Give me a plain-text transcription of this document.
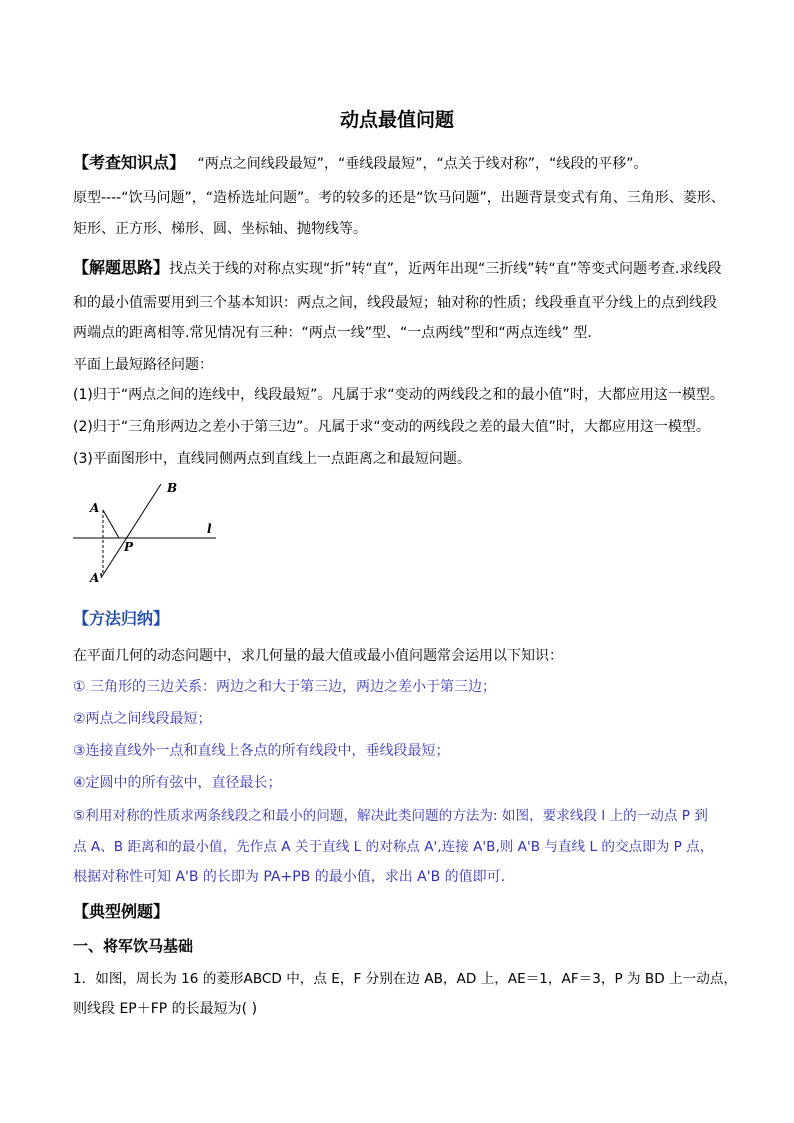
动点最值问题
【考查知识点】 “两点之间线段最短”，“垂线段最短”，“点关于线对称”，“线段的平移”。
原型----“饮马问题”，“造桥选址问题”。考的较多的还是“饮马问题”，出题背景变式有角、三角形、菱形、
矩形、正方形、梯形、圆、坐标轴、抛物线等。
【解题思路】找点关于线的对称点实现“折”转“直”，近两年出现“三折线”转“直”等变式问题考查.求线段
和的最小值需要用到三个基本知识：两点之间，线段最短；轴对称的性质；线段垂直平分线上的点到线段
两端点的距离相等.常见情况有三种：“两点一线”型、“一点两线”型和“两点连线” 型.
平面上最短路径问题：
(1)归于“两点之间的连线中，线段最短”。凡属于求“变动的两线段之和的最小值”时，大都应用这一模型。
(2)归于“三角形两边之差小于第三边”。凡属于求“变动的两线段之差的最大值”时，大都应用这一模型。
(3)平面图形中，直线同侧两点到直线上一点距离之和最短问题。
A
B
P
l
A'
【方法归纳】
在平面几何的动态问题中，求几何量的最大值或最小值问题常会运用以下知识：
① 三角形的三边关系：两边之和大于第三边，两边之差小于第三边；
②两点之间线段最短；
③连接直线外一点和直线上各点的所有线段中，垂线段最短；
④定圆中的所有弦中，直径最长；
⑤利用对称的性质求两条线段之和最小的问题，解决此类问题的方法为: 如图，要求线段 l 上的一动点 P 到
点 A、B 距离和的最小值，先作点 A 关于直线 L 的对称点 A',连接 A'B,则 A'B 与直线 L 的交点即为 P 点，
根据对称性可知 A'B 的长即为 PA+PB 的最小值，求出 A'B 的值即可.
【典型例题】
一、将军饮马基础
1．如图，周长为 16 的菱形ABCD 中，点 E，F 分别在边 AB，AD 上，AE＝1，AF＝3，P 为 BD 上一动点，
则线段 EP＋FP 的长最短为( )
